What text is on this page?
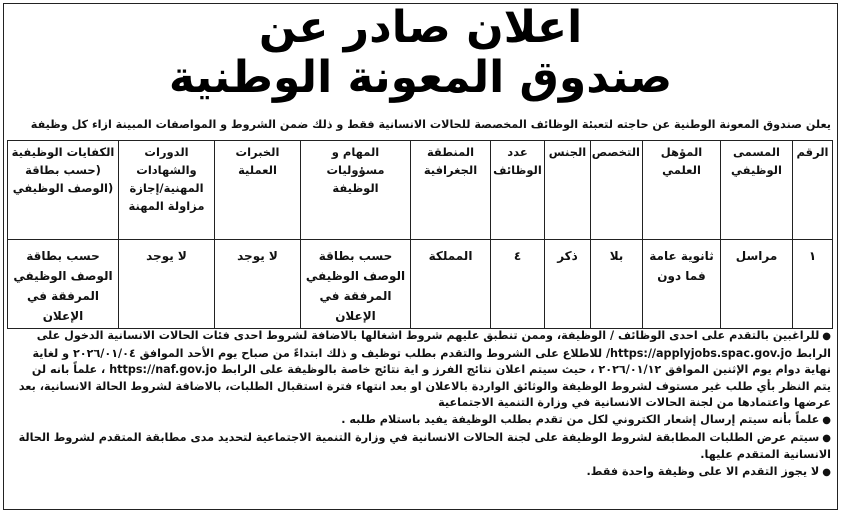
اعلان صادر عن
صندوق المعونة الوطنية
يعلن صندوق المعونة الوطنية عن حاجته لتعبئة الوظائف المخصصة للحالات الانسانية فقط و ذلك ضمن الشروط و المواصفات المبينة ازاء كل وظيفة
الرقم	المسمى الوظيفي	المؤهل العلمي	التخصص	الجنس	عدد الوظائف	المنطقة الجغرافية	المهام و مسؤوليات الوظيفة	الخبرات العملية	الدورات والشهادات المهنية/إجازة مزاولة المهنة	الكفايات الوظيفية (حسب بطاقة (الوصف الوظيفي
١	مراسل	ثانوية عامة فما دون	بلا	ذكر	٤	المملكة	حسب بطاقة الوصف الوظيفي المرفقة في الإعلان	لا يوجد	لا يوجد	حسب بطاقة الوصف الوظيفي المرفقة في الإعلان

●للراغبين بالتقدم على احدى الوظائف / الوظيفة، وممن تنطبق عليهم شروط اشغالها بالاضافة لشروط احدى فئات الحالات الانسانية الدخول على

الرابط https://applyjobs.spac.gov.jo/ للاطلاع على الشروط والتقدم بطلب توظيف و ذلك ابتداءً من صباح يوم الأحد الموافق ٢٠٢٦/٠١/٠٤ و لغاية

نهاية دوام يوم الإثنين الموافق ٢٠٢٦/٠١/١٢ ، حيث سيتم اعلان نتائج الفرز و اية نتائج خاصة بالوظيفة على الرابط https://naf.gov.jo ، علماً بانه لن

يتم النظر بأي طلب غير مستوف لشروط الوظيفة والوثائق الواردة بالاعلان او بعد انتهاء فترة استقبال الطلبات، بالاضافة لشروط الحالة الانسانية، بعد

عرضها واعتمادها من لجنة الحالات الانسانية في وزارة التنمية الاجتماعية

●علماً بأنه سيتم إرسال إشعار الكتروني لكل من تقدم بطلب الوظيفة يفيد باستلام طلبه .

●سيتم عرض الطلبات المطابقة لشروط الوظيفة على لجنة الحالات الانسانية في وزارة التنمية الاجتماعية لتحديد مدى مطابقة المتقدم لشروط الحالة

الانسانية المتقدم عليها.

●لا يجوز التقدم الا على وظيفة واحدة فقط.
